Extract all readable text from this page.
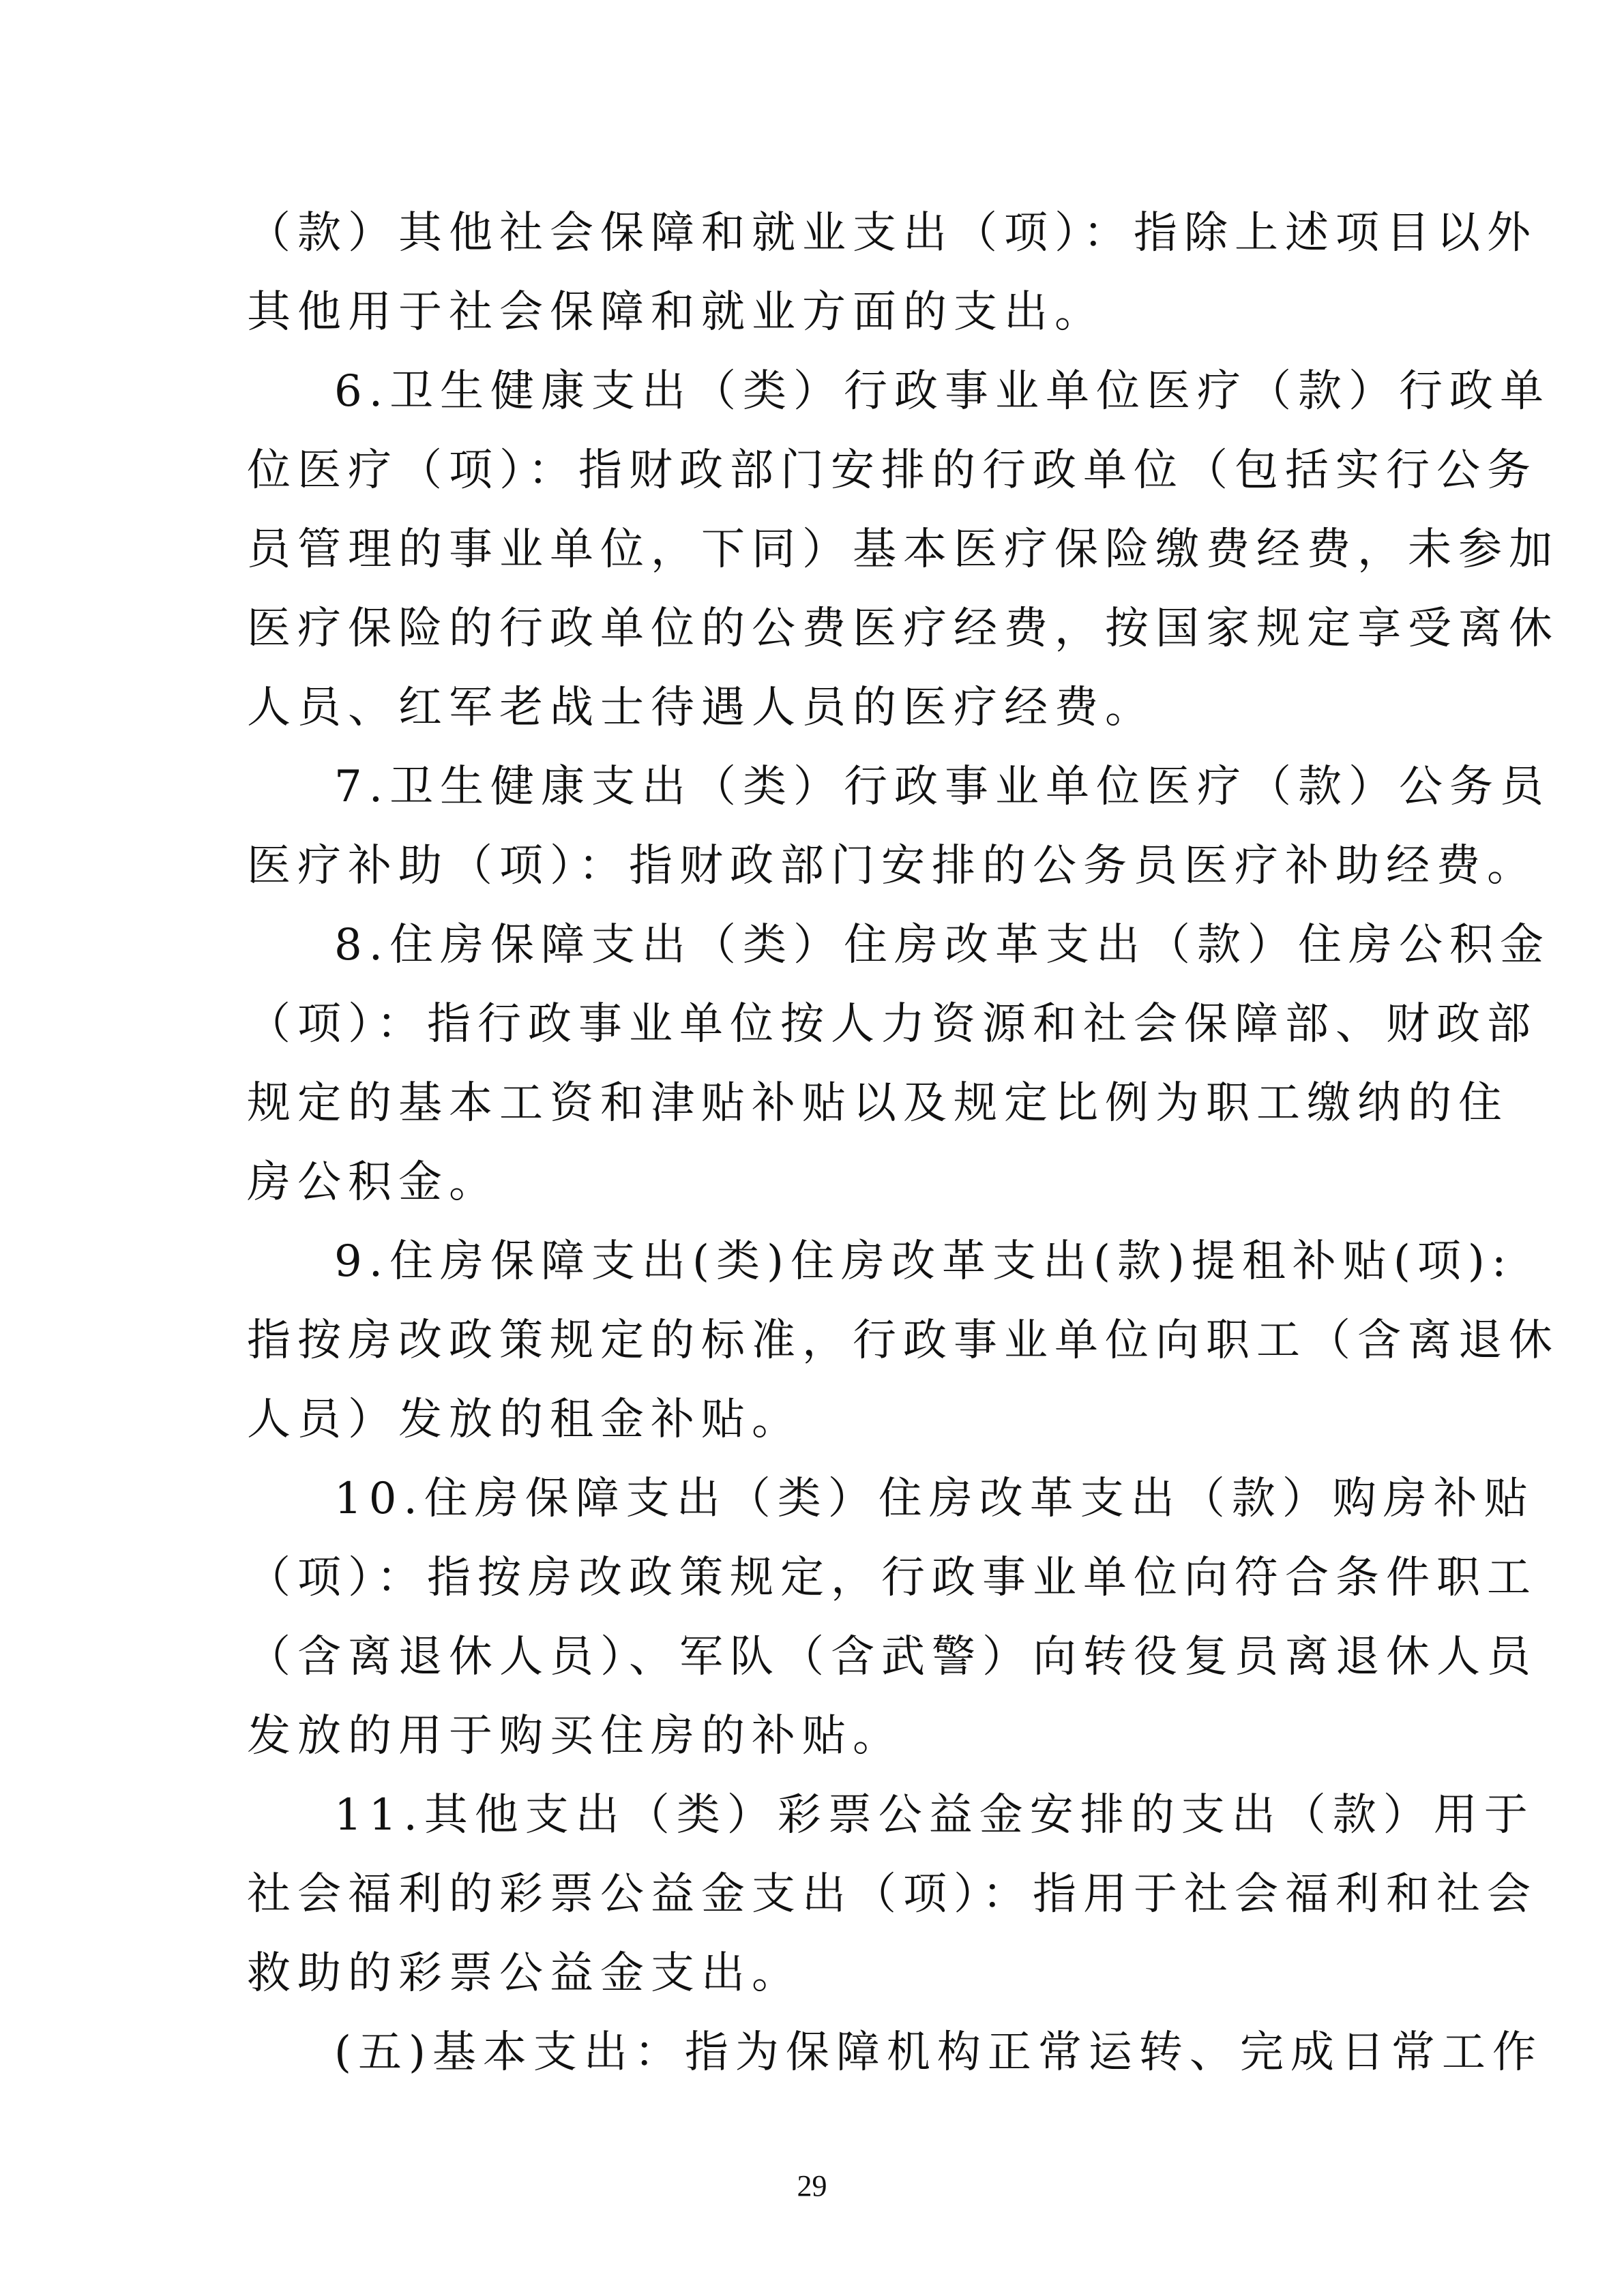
（款）其他社会保障和就业支出（项）：指除上述项目以外
其他用于社会保障和就业方面的支出。
6.卫生健康支出（类）行政事业单位医疗（款）行政单
位医疗（项）：指财政部门安排的行政单位（包括实行公务
员管理的事业单位，下同）基本医疗保险缴费经费，未参加
医疗保险的行政单位的公费医疗经费，按国家规定享受离休
人员、红军老战士待遇人员的医疗经费。
7.卫生健康支出（类）行政事业单位医疗（款）公务员
医疗补助（项）：指财政部门安排的公务员医疗补助经费。
8.住房保障支出（类）住房改革支出（款）住房公积金
（项）：指行政事业单位按人力资源和社会保障部、财政部
规定的基本工资和津贴补贴以及规定比例为职工缴纳的住
房公积金。
9.住房保障支出(类)住房改革支出(款)提租补贴(项):
指按房改政策规定的标准，行政事业单位向职工（含离退休
人员）发放的租金补贴。
10.住房保障支出（类）住房改革支出（款）购房补贴
（项）：指按房改政策规定，行政事业单位向符合条件职工
（含离退休人员）、军队（含武警）向转役复员离退休人员
发放的用于购买住房的补贴。
11.其他支出（类）彩票公益金安排的支出（款）用于
社会福利的彩票公益金支出（项）：指用于社会福利和社会
救助的彩票公益金支出。
(五)基本支出：指为保障机构正常运转、完成日常工作
29
